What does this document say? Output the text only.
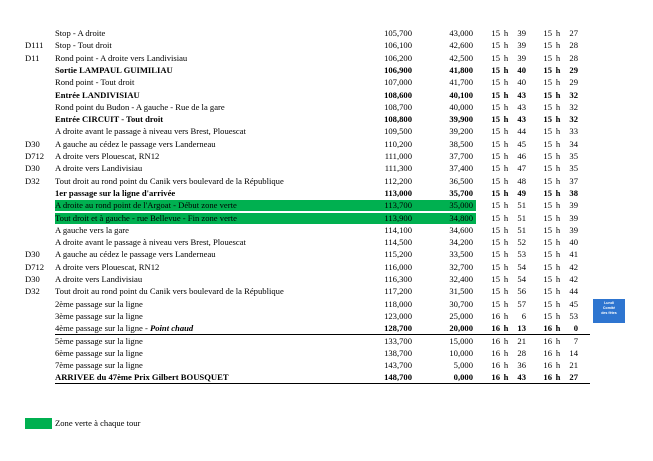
Stop - A droite	105,700	43,000 15 h 39	15 h 27
D111 Stop - Tout droit	106,100	42,600 15 h 39	15 h 28
D11 Rond point - A droite vers Landivisiau	106,200	42,500 15 h 39	15 h 28
Sortie LAMPAUL GUIMILIAU	106,900	41,800 15 h 40	15 h 29
Rond point - Tout droit	107,000	41,700 15 h 40	15 h 29
Entrée LANDIVISIAU	108,600	40,100 15 h 43	15 h 32
Rond point du Budon - A gauche - Rue de la gare	108,700	40,000 15 h 43	15 h 32
Entrée CIRCUIT - Tout droit	108,800	39,900 15 h 43	15 h 32
A droite avant le passage à niveau vers Brest, Plouescat	109,500	39,200 15 h 44	15 h 33
D30 A gauche au cédez le passage vers Landerneau	110,200	38,500 15 h 45	15 h 34
D712 A droite vers Plouescat, RN12	111,000	37,700 15 h 46	15 h 35
D30 A droite vers Landivisiau	111,300	37,400 15 h 47	15 h 35
D32 Tout droit au rond point du Canik vers boulevard de la République	112,200	36,500 15 h 48	15 h 37
1er passage sur la ligne d'arrivée	113,000	35,700 15 h 49	15 h 38
A droite au rond point de l'Argoat - Début zone verte	113,700	35,000 15 h 51	15 h 39
Tout droit et à gauche - rue Bellevue - Fin zone verte	113,900	34,800 15 h 51	15 h 39
A gauche vers la gare	114,100	34,600 15 h 51	15 h 39
A droite avant le passage à niveau vers Brest, Plouescat	114,500	34,200 15 h 52	15 h 40
D30 A gauche au cédez le passage vers Landerneau	115,200	33,500 15 h 53	15 h 41
D712 A droite vers Plouescat, RN12	116,000	32,700 15 h 54	15 h 42
D30 A droite vers Landivisiau	116,300	32,400 15 h 54	15 h 42
D32 Tout droit au rond point du Canik vers boulevard de la République	117,200	31,500 15 h 56	15 h 44
2ème passage sur la ligne	118,000	30,700 15 h 57	15 h 45
3ème passage sur la ligne	123,000	25,000 16 h 6	15 h 53
4ème passage sur la ligne - Point chaud	128,700	20,000 16 h 13	16 h 0
5ème passage sur la ligne	133,700	15,000 16 h 21	16 h 7
6ème passage sur la ligne	138,700	10,000 16 h 28	16 h 14
7ème passage sur la ligne	143,700	5,000 16 h 36	16 h 21
ARRIVEE du 47ème Prix Gilbert BOUSQUET	148,700	0,000 16 h 43	16 h 27
Lundi
Comité
des fêtes
Zone verte à chaque tour
